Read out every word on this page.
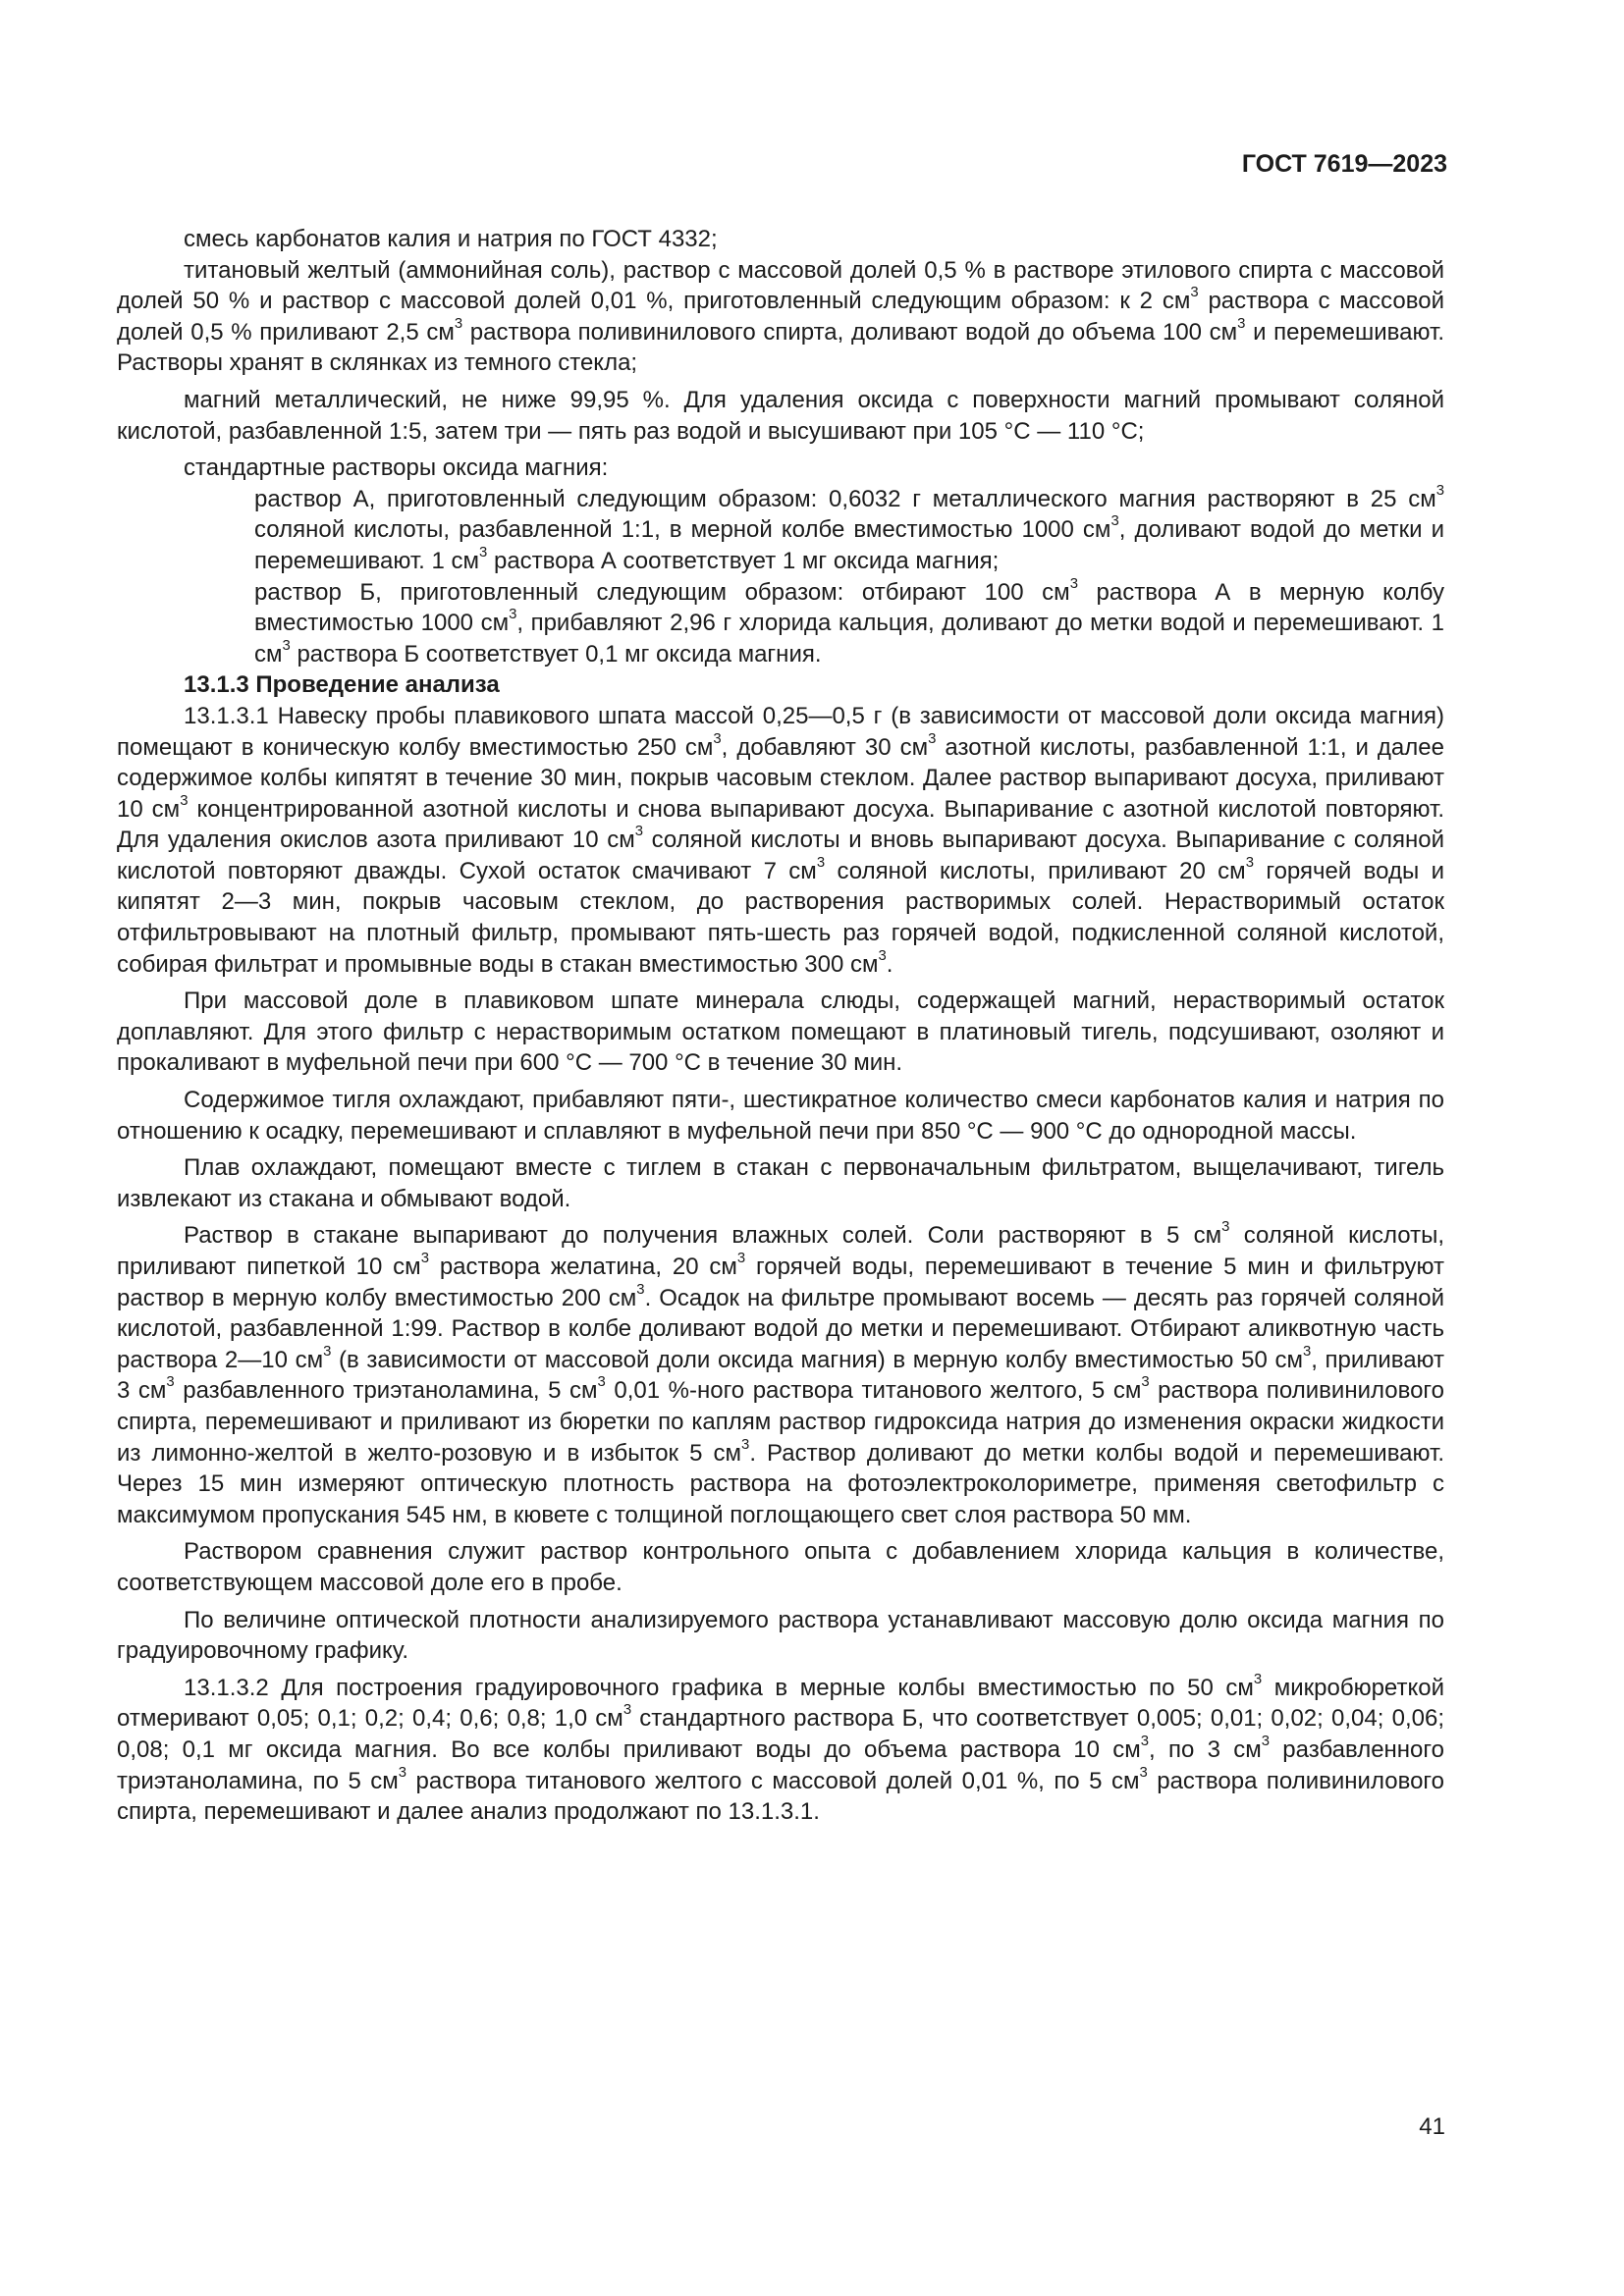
ГОСТ 7619—2023

смесь карбонатов калия и натрия по ГОСТ 4332;

титановый желтый (аммонийная соль), раствор с массовой долей 0,5 % в растворе этилового спирта с массовой долей 50 % и раствор с массовой долей 0,01 %, приготовленный следующим образом: к 2 $см^3$ раствора с массовой долей 0,5 % приливают 2,5 $см^3$ раствора поливинилового спирта, доливают водой до объема 100 $см^3$ и перемешивают. Растворы хранят в склянках из темного стекла;

магний металлический, не ниже 99,95 %. Для удаления оксида с поверхности магний промывают соляной кислотой, разбавленной 1:5, затем три — пять раз водой и высушивают при 105 °С — 110 °С;

стандартные растворы оксида магния:

раствор А, приготовленный следующим образом: 0,6032 г металлического магния растворяют в 25 $см^3$ соляной кислоты, разбавленной 1:1, в мерной колбе вместимостью 1000 $см^3$, доливают водой до метки и перемешивают. 1 $см^3$ раствора А соответствует 1 мг оксида магния;

раствор Б, приготовленный следующим образом: отбирают 100 $см^3$ раствора А в мерную колбу вместимостью 1000 $см^3$, прибавляют 2,96 г хлорида кальция, доливают до метки водой и перемешивают. 1 $см^3$ раствора Б соответствует 0,1 мг оксида магния.

13.1.3 Проведение анализа

13.1.3.1 Навеску пробы плавикового шпата массой 0,25—0,5 г (в зависимости от массовой доли оксида магния) помещают в коническую колбу вместимостью 250 $см^3$, добавляют 30 $см^3$ азотной кислоты, разбавленной 1:1, и далее содержимое колбы кипятят в течение 30 мин, покрыв часовым стеклом. Далее раствор выпаривают досуха, приливают 10 $см^3$ концентрированной азотной кислоты и снова выпаривают досуха. Выпаривание с азотной кислотой повторяют. Для удаления окислов азота приливают 10 $см^3$ соляной кислоты и вновь выпаривают досуха. Выпаривание с соляной кислотой повторяют дважды. Сухой остаток смачивают 7 $см^3$ соляной кислоты, приливают 20 $см^3$ горячей воды и кипятят 2—3 мин, покрыв часовым стеклом, до растворения растворимых солей. Нерастворимый остаток отфильтровывают на плотный фильтр, промывают пять-шесть раз горячей водой, подкисленной соляной кислотой, собирая фильтрат и промывные воды в стакан вместимостью 300 $см^3$.

При массовой доле в плавиковом шпате минерала слюды, содержащей магний, нерастворимый остаток доплавляют. Для этого фильтр с нерастворимым остатком помещают в платиновый тигель, подсушивают, озоляют и прокаливают в муфельной печи при 600 °С — 700 °С в течение 30 мин.

Содержимое тигля охлаждают, прибавляют пяти-, шестикратное количество смеси карбонатов калия и натрия по отношению к осадку, перемешивают и сплавляют в муфельной печи при 850 °С — 900 °С до однородной массы.

Плав охлаждают, помещают вместе с тиглем в стакан с первоначальным фильтратом, выщелачивают, тигель извлекают из стакана и обмывают водой.

Раствор в стакане выпаривают до получения влажных солей. Соли растворяют в 5 $см^3$ соляной кислоты, приливают пипеткой 10 $см^3$ раствора желатина, 20 $см^3$ горячей воды, перемешивают в течение 5 мин и фильтруют раствор в мерную колбу вместимостью 200 $см^3$. Осадок на фильтре промывают восемь — десять раз горячей соляной кислотой, разбавленной 1:99. Раствор в колбе доливают водой до метки и перемешивают. Отбирают аликвотную часть раствора 2—10 $см^3$ (в зависимости от массовой доли оксида магния) в мерную колбу вместимостью 50 $см^3$, приливают 3 $см^3$ разбавленного триэтаноламина, 5 $см^3$ 0,01 %-ного раствора титанового желтого, 5 $см^3$ раствора поливинилового спирта, перемешивают и приливают из бюретки по каплям раствор гидроксида натрия до изменения окраски жидкости из лимонно-желтой в желто-розовую и в избыток 5 $см^3$. Раствор доливают до метки колбы водой и перемешивают. Через 15 мин измеряют оптическую плотность раствора на фотоэлектроколориметре, применяя светофильтр с максимумом пропускания 545 нм, в кювете с толщиной поглощающего свет слоя раствора 50 мм.

Раствором сравнения служит раствор контрольного опыта с добавлением хлорида кальция в количестве, соответствующем массовой доле его в пробе.

По величине оптической плотности анализируемого раствора устанавливают массовую долю оксида магния по градуировочному графику.

13.1.3.2 Для построения градуировочного графика в мерные колбы вместимостью по 50 $см^3$ микробюреткой отмеривают 0,05; 0,1; 0,2; 0,4; 0,6; 0,8; 1,0 $см^3$ стандартного раствора Б, что соответствует 0,005; 0,01; 0,02; 0,04; 0,06; 0,08; 0,1 мг оксида магния. Во все колбы приливают воды до объема раствора 10 $см^3$, по 3 $см^3$ разбавленного триэтаноламина, по 5 $см^3$ раствора титанового желтого с массовой долей 0,01 %, по 5 $см^3$ раствора поливинилового спирта, перемешивают и далее анализ продолжают по 13.1.3.1.

41
